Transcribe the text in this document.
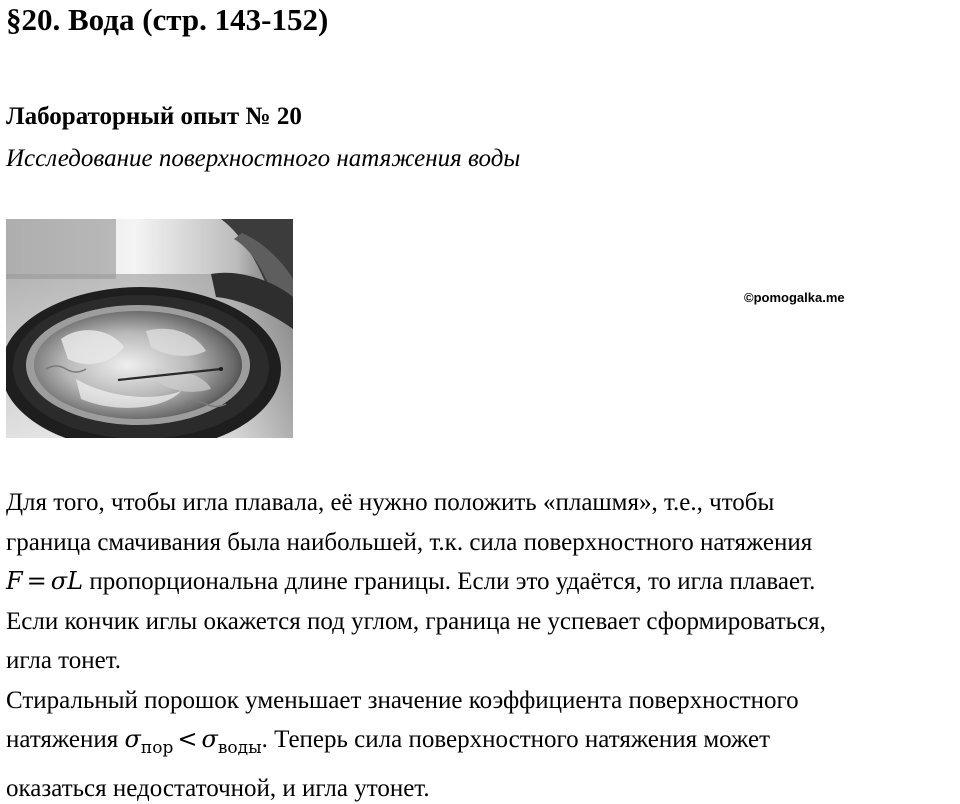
§20. Вода (стр. 143-152)
Лабораторный опыт № 20
Исследование поверхностного натяжения воды
©pomogalka.me
Для того, чтобы игла плавала, её нужно положить «плашмя», т.е., чтобы
граница смачивания была наибольшей, т.к. сила поверхностного натяжения
F = σL пропорциональна длине границы. Если это удаётся, то игла плавает.
Если кончик иглы окажется под углом, граница не успевает сформироваться,
игла тонет.
Стиральный порошок уменьшает значение коэффициента поверхностного
натяжения $\sigma_{пор} < \sigma_{воды}$. Теперь сила поверхностного натяжения может
оказаться недостаточной, и игла утонет.
